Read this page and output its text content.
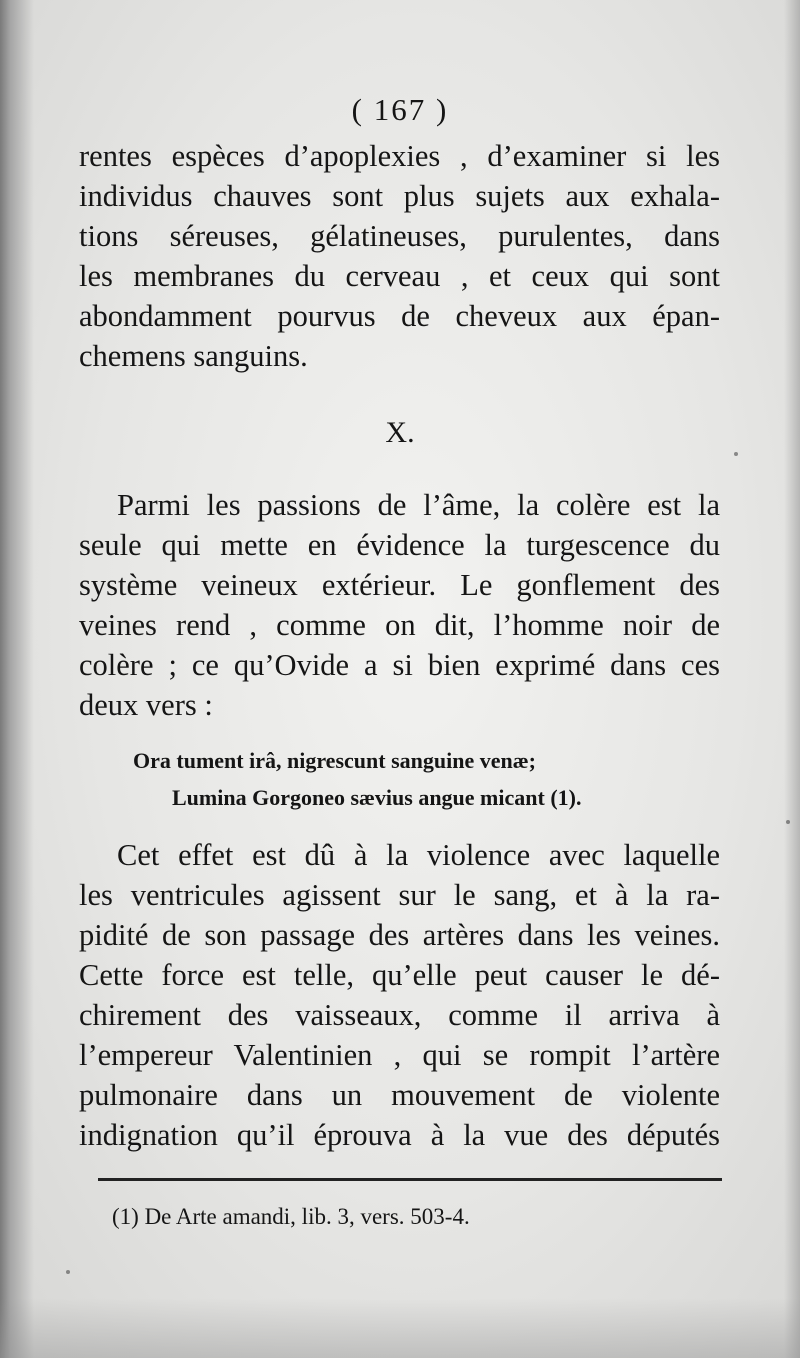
( 167 )

rentes espèces d’apoplexies , d’examiner si les

individus chauves sont plus sujets aux exhala-

tions séreuses, gélatineuses, purulentes, dans

les membranes du cerveau , et ceux qui sont

abondamment pourvus de cheveux aux épan-

chemens sanguins.

X.

Parmi les passions de l’âme, la colère est la

seule qui mette en évidence la turgescence du

système veineux extérieur. Le gonflement des

veines rend , comme on dit, l’homme noir de

colère ; ce qu’Ovide a si bien exprimé dans ces

deux vers :

Ora tument irâ, nigrescunt sanguine venæ;

Lumina Gorgoneo sævius angue micant (1).

Cet effet est dû à la violence avec laquelle

les ventricules agissent sur le sang, et à la ra-

pidité de son passage des artères dans les veines.

Cette force est telle, qu’elle peut causer le dé-

chirement des vaisseaux, comme il arriva à

l’empereur Valentinien , qui se rompit l’artère

pulmonaire dans un mouvement de violente

indignation qu’il éprouva à la vue des députés

(1) De Arte amandi, lib. 3, vers. 503-4.
